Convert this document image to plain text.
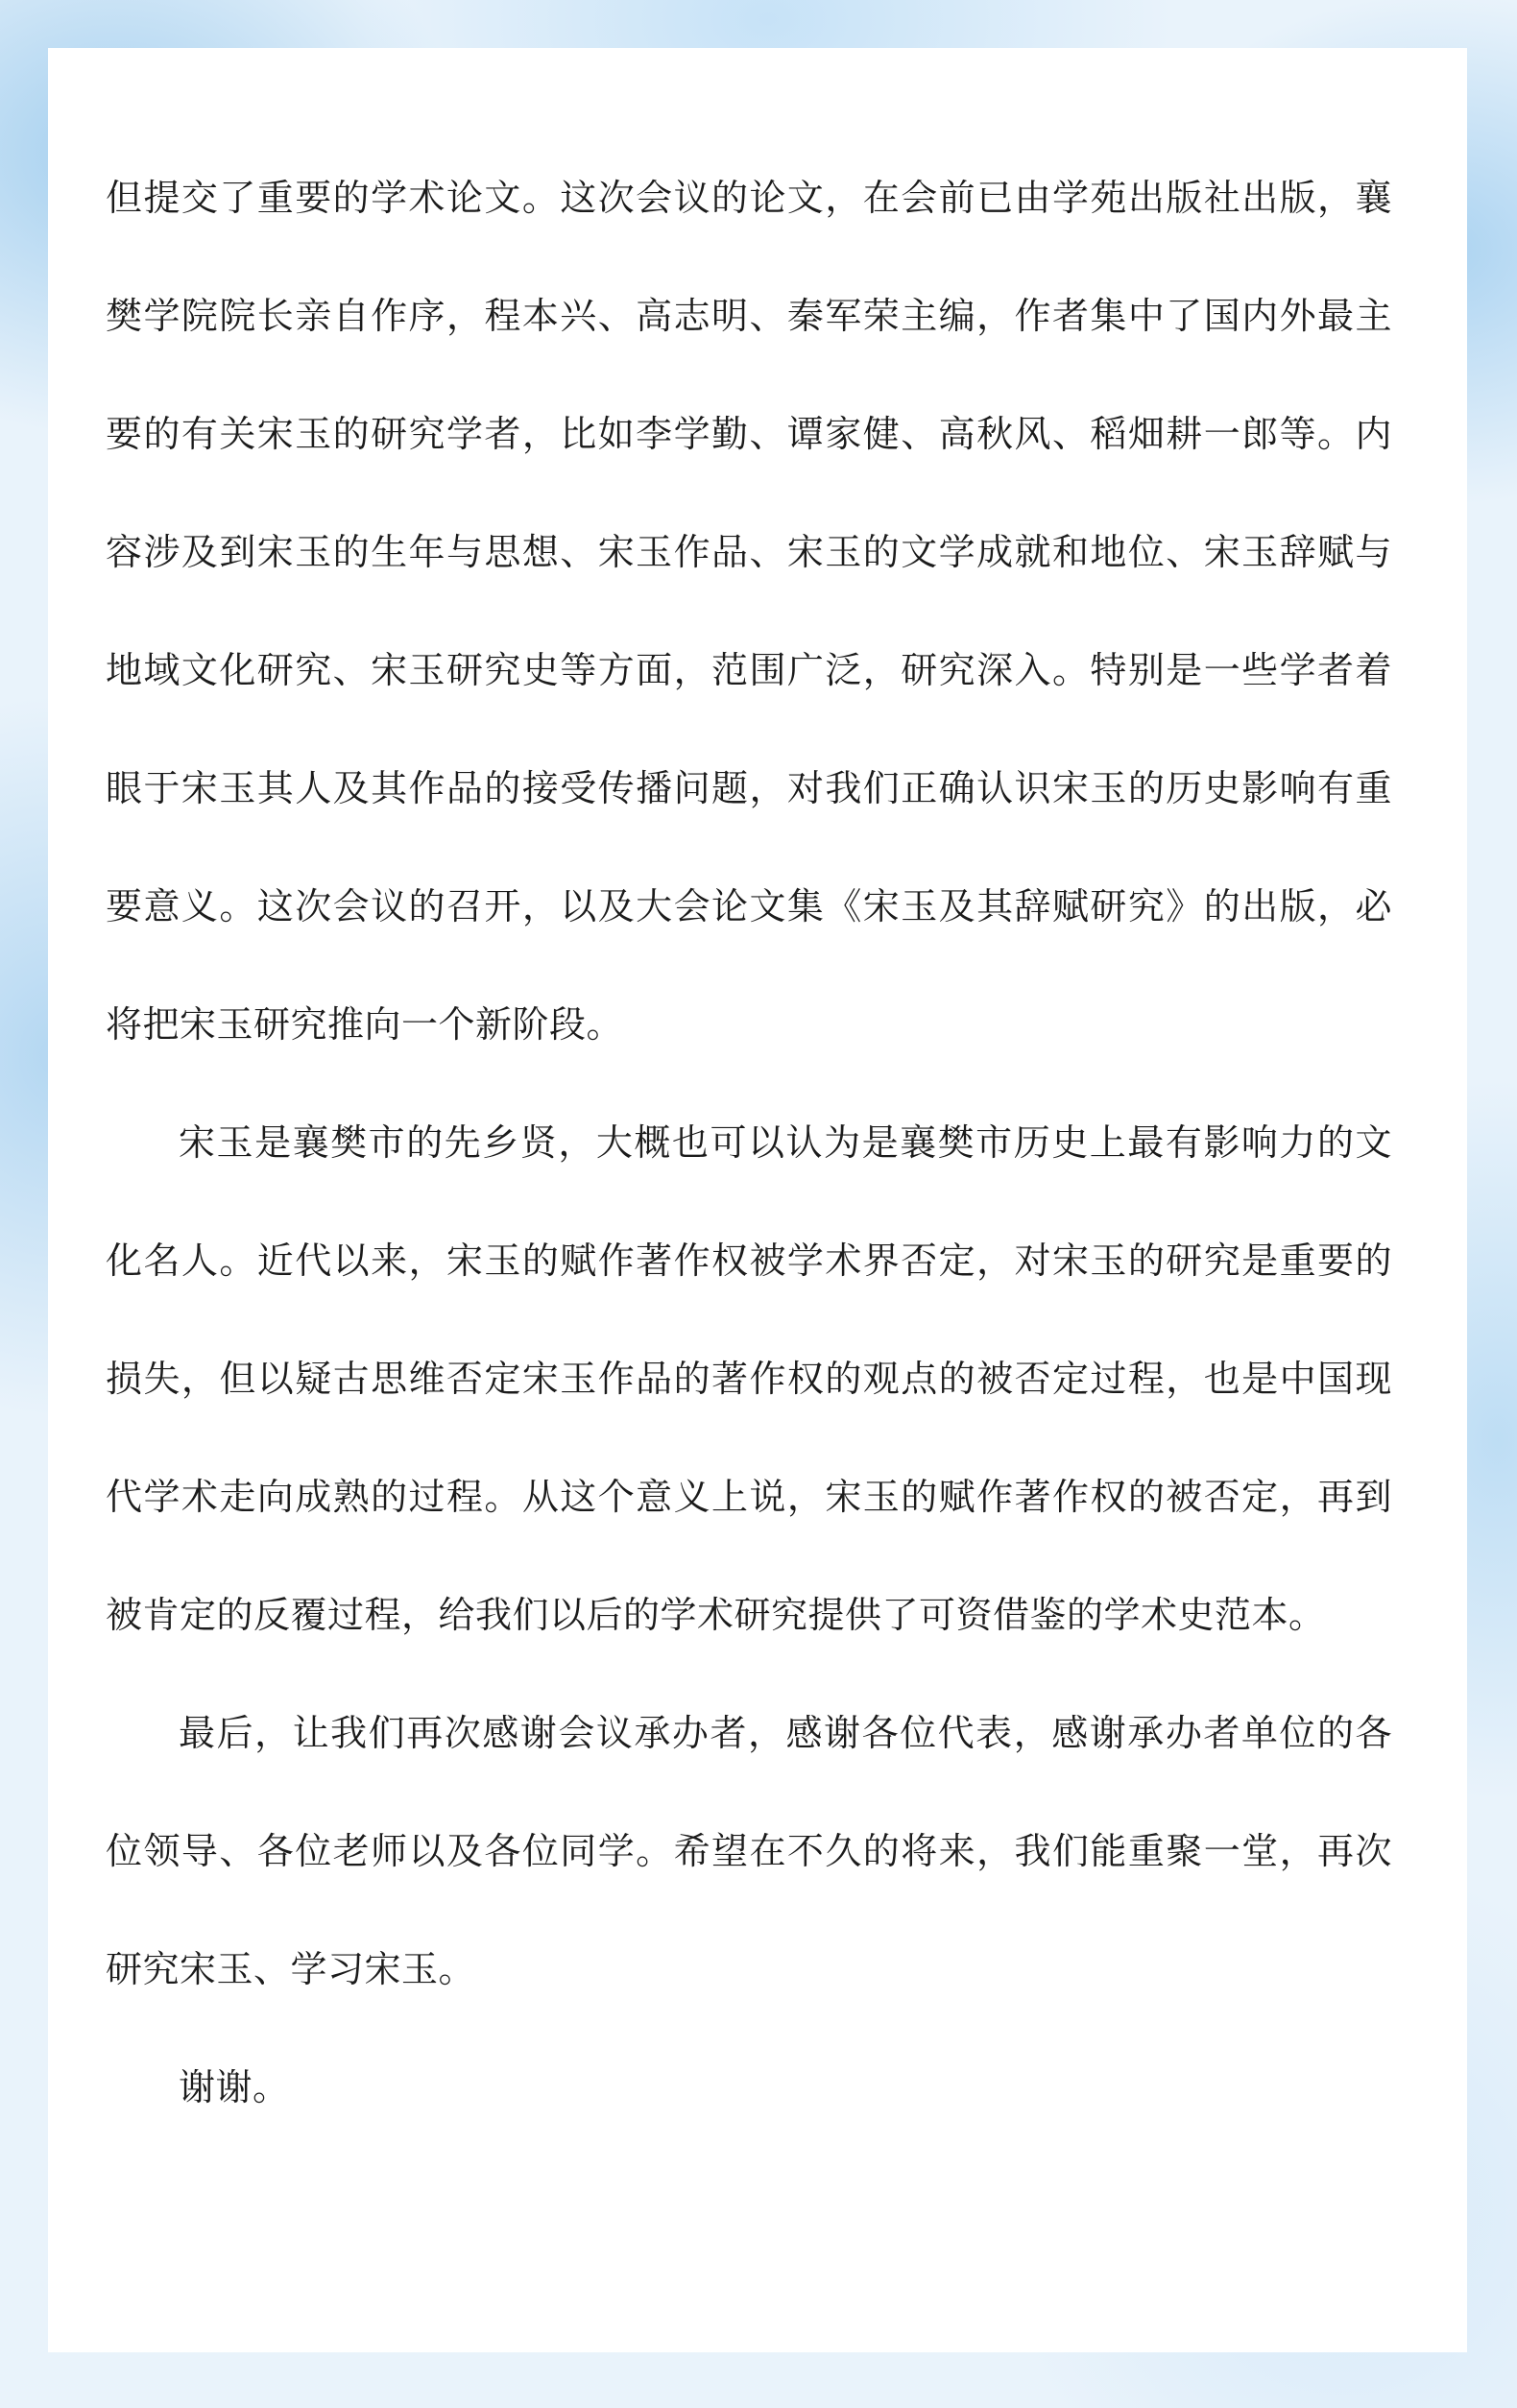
但提交了重要的学术论文。这次会议的论文，在会前已由学苑出版社出版，襄樊学院院长亲自作序，程本兴、高志明、秦军荣主编，作者集中了国内外最主要的有关宋玉的研究学者，比如李学勤、谭家健、高秋风、稻畑耕一郎等。内容涉及到宋玉的生年与思想、宋玉作品、宋玉的文学成就和地位、宋玉辞赋与地域文化研究、宋玉研究史等方面，范围广泛，研究深入。特别是一些学者着眼于宋玉其人及其作品的接受传播问题，对我们正确认识宋玉的历史影响有重要意义。这次会议的召开，以及大会论文集《宋玉及其辞赋研究》的出版，必将把宋玉研究推向一个新阶段。

宋玉是襄樊市的先乡贤，大概也可以认为是襄樊市历史上最有影响力的文化名人。近代以来，宋玉的赋作著作权被学术界否定，对宋玉的研究是重要的损失，但以疑古思维否定宋玉作品的著作权的观点的被否定过程，也是中国现代学术走向成熟的过程。从这个意义上说，宋玉的赋作著作权的被否定，再到被肯定的反覆过程，给我们以后的学术研究提供了可资借鉴的学术史范本。

最后，让我们再次感谢会议承办者，感谢各位代表，感谢承办者单位的各位领导、各位老师以及各位同学。希望在不久的将来，我们能重聚一堂，再次研究宋玉、学习宋玉。

谢谢。
